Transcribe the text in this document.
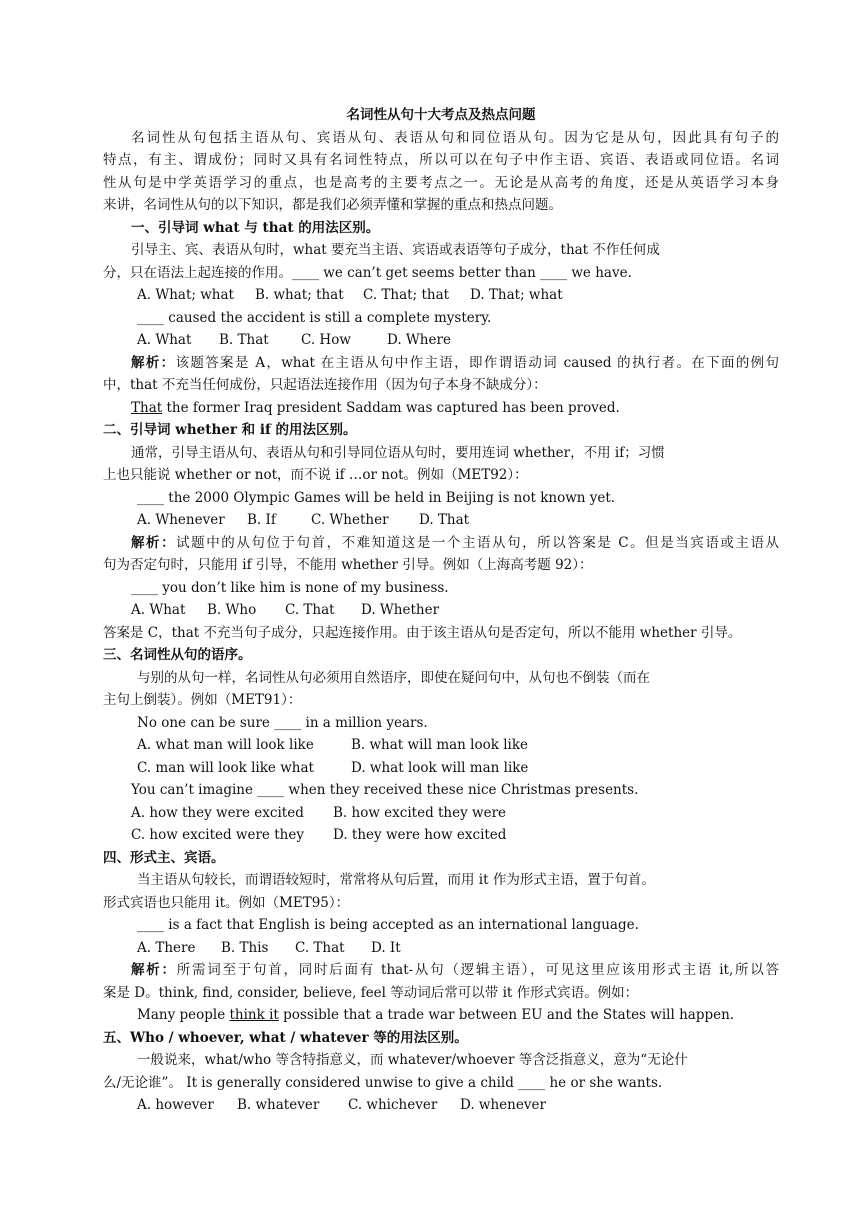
名词性从句十大考点及热点问题
名词性从句包括主语从句、宾语从句、表语从句和同位语从句。因为它是从句，因此具有句子的
特点，有主、谓成份；同时又具有名词性特点，所以可以在句子中作主语、宾语、表语或同位语。名词
性从句是中学英语学习的重点，也是高考的主要考点之一。无论是从高考的角度，还是从英语学习本身
来讲，名词性从句的以下知识，都是我们必须弄懂和掌握的重点和热点问题。
一、引导词 what 与 that 的用法区别。
引导主、宾、表语从句时，what 要充当主语、宾语或表语等句子成分，that 不作任何成
分，只在语法上起连接的作用。____ we can’t get seems better than ____ we have.
A. What; what B. what; that C. That; that D. That; what
____ caused the accident is still a complete mystery.
A. What B. That C. How	D. Where
解析：该题答案是 A，what 在主语从句中作主语，即作谓语动词 caused 的执行者。在下面的例句
中，that 不充当任何成份，只起语法连接作用（因为句子本身不缺成分）：
That the former Iraq president Saddam was captured has been proved.
二、引导词 whether 和 if 的用法区别。
通常，引导主语从句、表语从句和引导同位语从句时，要用连词 whether，不用 if；习惯
上也只能说 whether or not，而不说 if …or not。例如（MET92）：
____ the 2000 Olympic Games will be held in Beijing is not known yet.
A. Whenever B. If	C. Whether D. That
解析：试题中的从句位于句首，不难知道这是一个主语从句，所以答案是 C。但是当宾语或主语从
句为否定句时，只能用 if 引导，不能用 whether 引导。例如（上海高考题 92）：
____ you don’t like him is none of my business.
A. What B. Who C. That D. Whether
答案是 C，that 不充当句子成分，只起连接作用。由于该主语从句是否定句，所以不能用 whether 引导。
三、名词性从句的语序。
与别的从句一样，名词性从句必须用自然语序，即使在疑问句中，从句也不倒装（而在
主句上倒装）。例如（MET91）：
No one can be sure ____ in a million years.
A. what man will look like	B. what will man look like
C. man will look like what	D. what look will man like
You can’t imagine ____ when they received these nice Christmas presents.
A. how they were excited B. how excited they were
C. how excited were they D. they were how excited
四、形式主、宾语。
当主语从句较长，而谓语较短时，常常将从句后置，而用 it 作为形式主语，置于句首。
形式宾语也只能用 it。例如（MET95）：
____ is a fact that English is being accepted as an international language.
A. There B. This C. That D. It
解析：所需词至于句首，同时后面有 that-从句（逻辑主语），可见这里应该用形式主语 it,所以答
案是 D。think, find, consider, believe, feel 等动词后常可以带 it 作形式宾语。例如：
Many people think it possible that a trade war between EU and the States will happen.
五、Who / whoever, what / whatever 等的用法区别。
一般说来，what/who 等含特指意义，而 whatever/whoever 等含泛指意义，意为“无论什
么/无论谁”。 It is generally considered unwise to give a child ____ he or she wants.
A. however B. whatever C. whichever D. whenever
